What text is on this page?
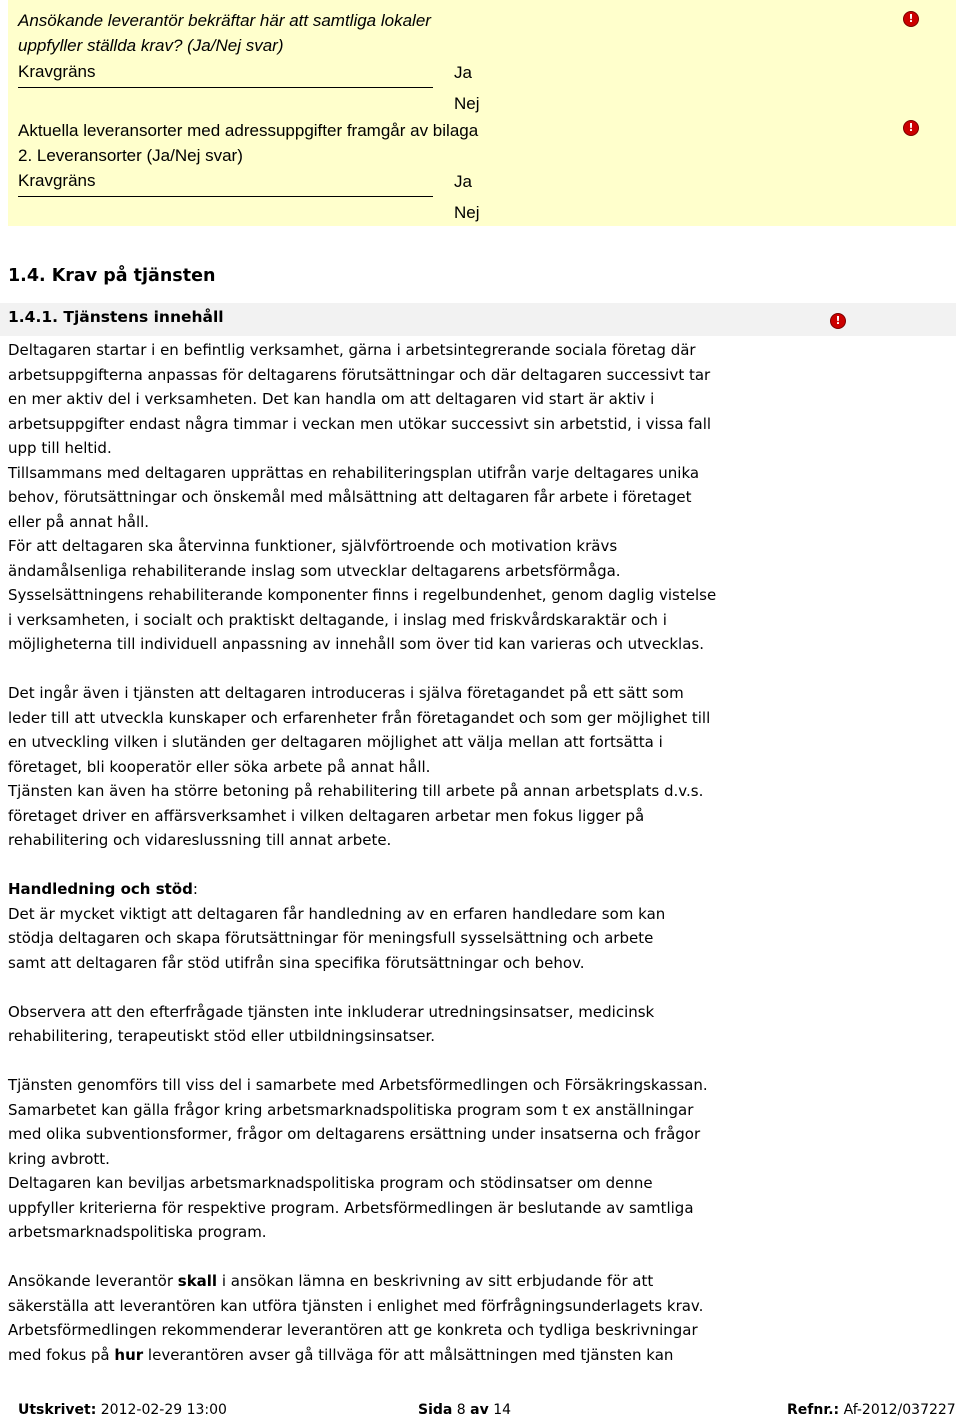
Ansökande leverantör bekräftar här att samtliga lokaler
uppfyller ställda krav? (Ja/Nej svar)
Kravgräns	Ja
Nej
!
Aktuella leveransorter med adressuppgifter framgår av bilaga
2. Leveransorter (Ja/Nej svar)
Kravgräns	Ja
Nej
!
1.4. Krav på tjänsten
1.4.1. Tjänstens innehåll	!

Deltagaren startar i en befintlig verksamhet, gärna i arbetsintegrerande sociala företag där

arbetsuppgifterna anpassas för deltagarens förutsättningar och där deltagaren successivt tar

en mer aktiv del i verksamheten. Det kan handla om att deltagaren vid start är aktiv i

arbetsuppgifter endast några timmar i veckan men utökar successivt sin arbetstid, i vissa fall

upp till heltid.

Tillsammans med deltagaren upprättas en rehabiliteringsplan utifrån varje deltagares unika

behov, förutsättningar och önskemål med målsättning att deltagaren får arbete i företaget

eller på annat håll.

För att deltagaren ska återvinna funktioner, självförtroende och motivation krävs

ändamålsenliga rehabiliterande inslag som utvecklar deltagarens arbetsförmåga.

Sysselsättningens rehabiliterande komponenter finns i regelbundenhet, genom daglig vistelse

i verksamheten, i socialt och praktiskt deltagande, i inslag med friskvårdskaraktär och i

möjligheterna till individuell anpassning av innehåll som över tid kan varieras och utvecklas.

Det ingår även i tjänsten att deltagaren introduceras i själva företagandet på ett sätt som

leder till att utveckla kunskaper och erfarenheter från företagandet och som ger möjlighet till

en utveckling vilken i slutänden ger deltagaren möjlighet att välja mellan att fortsätta i

företaget, bli kooperatör eller söka arbete på annat håll.

Tjänsten kan även ha större betoning på rehabilitering till arbete på annan arbetsplats d.v.s.

företaget driver en affärsverksamhet i vilken deltagaren arbetar men fokus ligger på

rehabilitering och vidareslussning till annat arbete.

Handledning och stöd:

Det är mycket viktigt att deltagaren får handledning av en erfaren handledare som kan

stödja deltagaren och skapa förutsättningar för meningsfull sysselsättning och arbete

samt att deltagaren får stöd utifrån sina specifika förutsättningar och behov.

Observera att den efterfrågade tjänsten inte inkluderar utredningsinsatser, medicinsk

rehabilitering, terapeutiskt stöd eller utbildningsinsatser.

Tjänsten genomförs till viss del i samarbete med Arbetsförmedlingen och Försäkringskassan.

Samarbetet kan gälla frågor kring arbetsmarknadspolitiska program som t ex anställningar

med olika subventionsformer, frågor om deltagarens ersättning under insatserna och frågor

kring avbrott.

Deltagaren kan beviljas arbetsmarknadspolitiska program och stödinsatser om denne

uppfyller kriterierna för respektive program. Arbetsförmedlingen är beslutande av samtliga

arbetsmarknadspolitiska program.

Ansökande leverantör skall i ansökan lämna en beskrivning av sitt erbjudande för att

säkerställa att leverantören kan utföra tjänsten i enlighet med förfrågningsunderlagets krav.

Arbetsförmedlingen rekommenderar leverantören att ge konkreta och tydliga beskrivningar

med fokus på hur leverantören avser gå tillväga för att målsättningen med tjänsten kan

Utskrivet: 2012-02-29 13:00	Sida 8 av 14	Refnr.: Af-2012/037227
